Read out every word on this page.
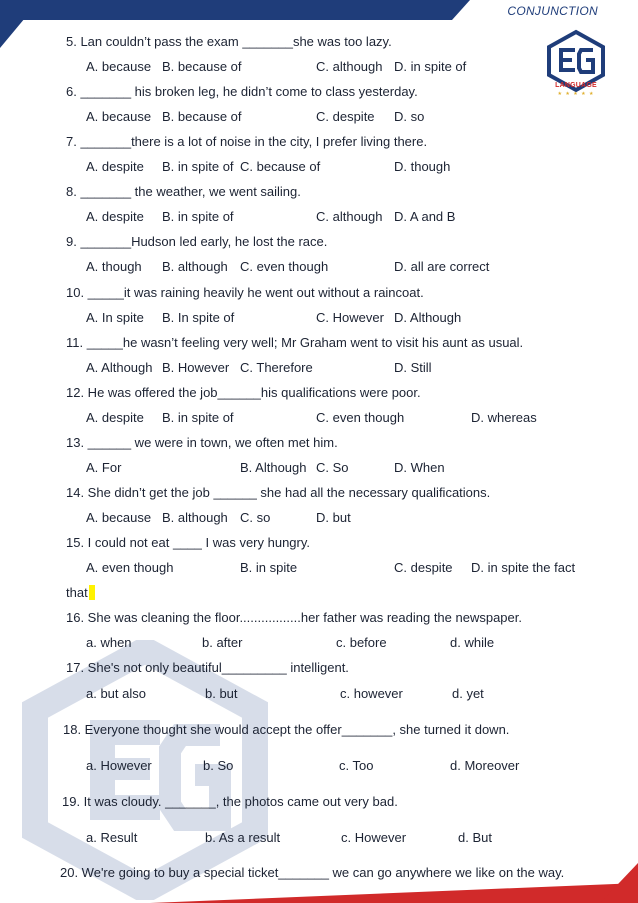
CONJUNCTION
LANGUAGE
★ ★ ★ ★ ★
5. Lan couldn’t pass the exam _______she was too lazy.
A. because B. because of	C. although D. in spite of
6. _______ his broken leg, he didn’t come to class yesterday.
A. because B. because of	C. despite D. so
7. _______there is a lot of noise in the city, I prefer living there.
A. despite B. in spite of C. because of	D. though
8. _______ the weather, we went sailing.
A. despite B. in spite of	C. although D. A and B
9. _______Hudson led early, he lost the race.
A. though B. although C. even though	D. all are correct
10. _____it was raining heavily he went out without a raincoat.
A. In spite B. In spite of	C. However D. Although
11. _____he wasn’t feeling very well; Mr Graham went to visit his aunt as usual.
A. Although B. However C. Therefore	D. Still
12. He was offered the job______his qualifications were poor.
A. despite B. in spite of	C. even though	D. whereas
13. ______ we were in town, we often met him.
A. For	B. Although C. So	D. When
14. She didn’t get the job ______ she had all the necessary qualifications.
A. because B. although C. so	D. but
15. I could not eat ____ I was very hungry.
A. even though	B. in spite	C. despite D. in spite the fact
that
16. She was cleaning the floor.................her father was reading the newspaper.
a. when	b. after	c. before	d. while
17. She's not only beautiful_________ intelligent.
a. but also	b. but	c. however	d. yet
18. Everyone thought she would accept the offer_______, she turned it down.
a. However	b. So	c. Too	d. Moreover
19. It was cloudy. _______, the photos came out very bad.
a. Result	b. As a result	c. However	d. But
20. We're going to buy a special ticket_______ we can go anywhere we like on the way.
